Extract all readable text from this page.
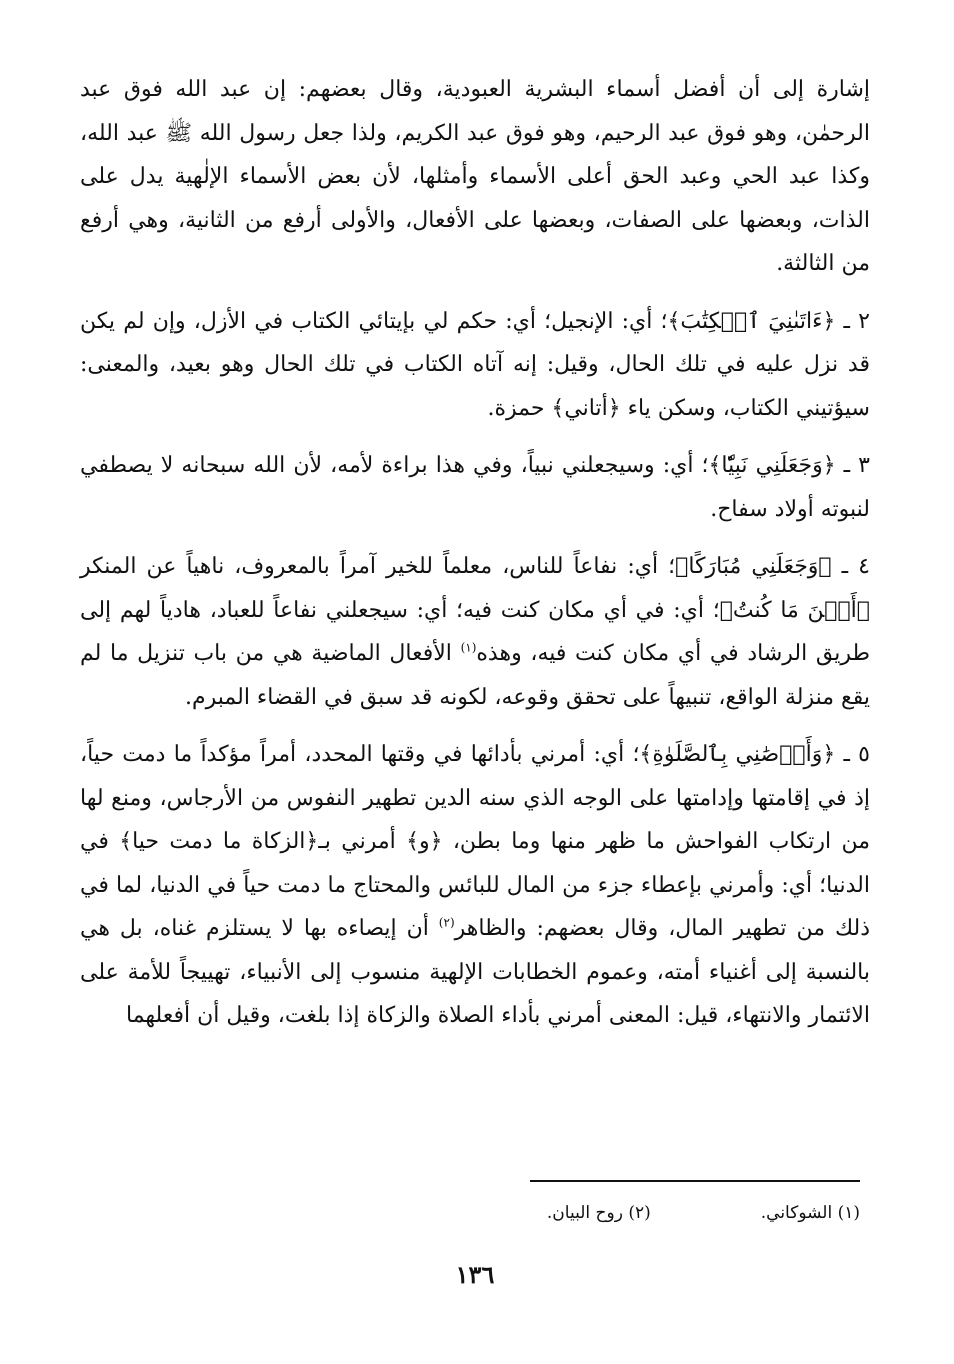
إشارة إلى أن أفضل أسماء البشرية العبودية، وقال بعضهم: إن عبد الله فوق عبد الرحمٰن، وهو فوق عبد الرحيم، وهو فوق عبد الكريم، ولذا جعل رسول الله ﷺ عبد الله، وكذا عبد الحي وعبد الحق أعلى الأسماء وأمثلها، لأن بعض الأسماء الإلٰهية يدل على الذات، وبعضها على الصفات، وبعضها على الأفعال، والأولى أرفع من الثانية، وهي أرفع من الثالثة.

٢ ـ ﴿ءَاتَىٰنِيَ ٱلۡكِتَٰبَ﴾؛ أي: الإنجيل؛ أي: حكم لي بإيتائي الكتاب في الأزل، وإن لم يكن قد نزل عليه في تلك الحال، وقيل: إنه آتاه الكتاب في تلك الحال وهو بعيد، والمعنى: سيؤتيني الكتاب، وسكن ياء ﴿أتاني﴾ حمزة.

٣ ـ ﴿وَجَعَلَنِي نَبِيّٗا﴾؛ أي: وسيجعلني نبياً، وفي هذا براءة لأمه، لأن الله سبحانه لا يصطفي لنبوته أولاد سفاح.

٤ ـ ﴿وَجَعَلَنِي مُبَارَكًا﴾؛ أي: نفاعاً للناس، معلماً للخير آمراً بالمعروف، ناهياً عن المنكر ﴿أَيۡنَ مَا كُنتُ﴾؛ أي: في أي مكان كنت فيه؛ أي: سيجعلني نفاعاً للعباد، هادياً لهم إلى طريق الرشاد في أي مكان كنت فيه، وهذه$^{(١)}$ الأفعال الماضية هي من باب تنزيل ما لم يقع منزلة الواقع، تنبيهاً على تحقق وقوعه، لكونه قد سبق في القضاء المبرم.

٥ ـ ﴿وَأَوۡصَٰنِي بِٱلصَّلَوٰةِ﴾؛ أي: أمرني بأدائها في وقتها المحدد، أمراً مؤكداً ما دمت حياً، إذ في إقامتها وإدامتها على الوجه الذي سنه الدين تطهير النفوس من الأرجاس، ومنع لها من ارتكاب الفواحش ما ظهر منها وما بطن، ﴿و﴾ أمرني بـ﴿الزكاة ما دمت حيا﴾ في الدنيا؛ أي: وأمرني بإعطاء جزء من المال للبائس والمحتاج ما دمت حياً في الدنيا، لما في ذلك من تطهير المال، وقال بعضهم: والظاهر$^{(٢)}$ أن إيصاءه بها لا يستلزم غناه، بل هي بالنسبة إلى أغنياء أمته، وعموم الخطابات الإلهية منسوب إلى الأنبياء، تهييجاً للأمة على الائتمار والانتهاء، قيل: المعنى أمرني بأداء الصلاة والزكاة إذا بلغت، وقيل أن أفعلهما

(١) الشوكاني.
(٢) روح البيان.
١٣٦
